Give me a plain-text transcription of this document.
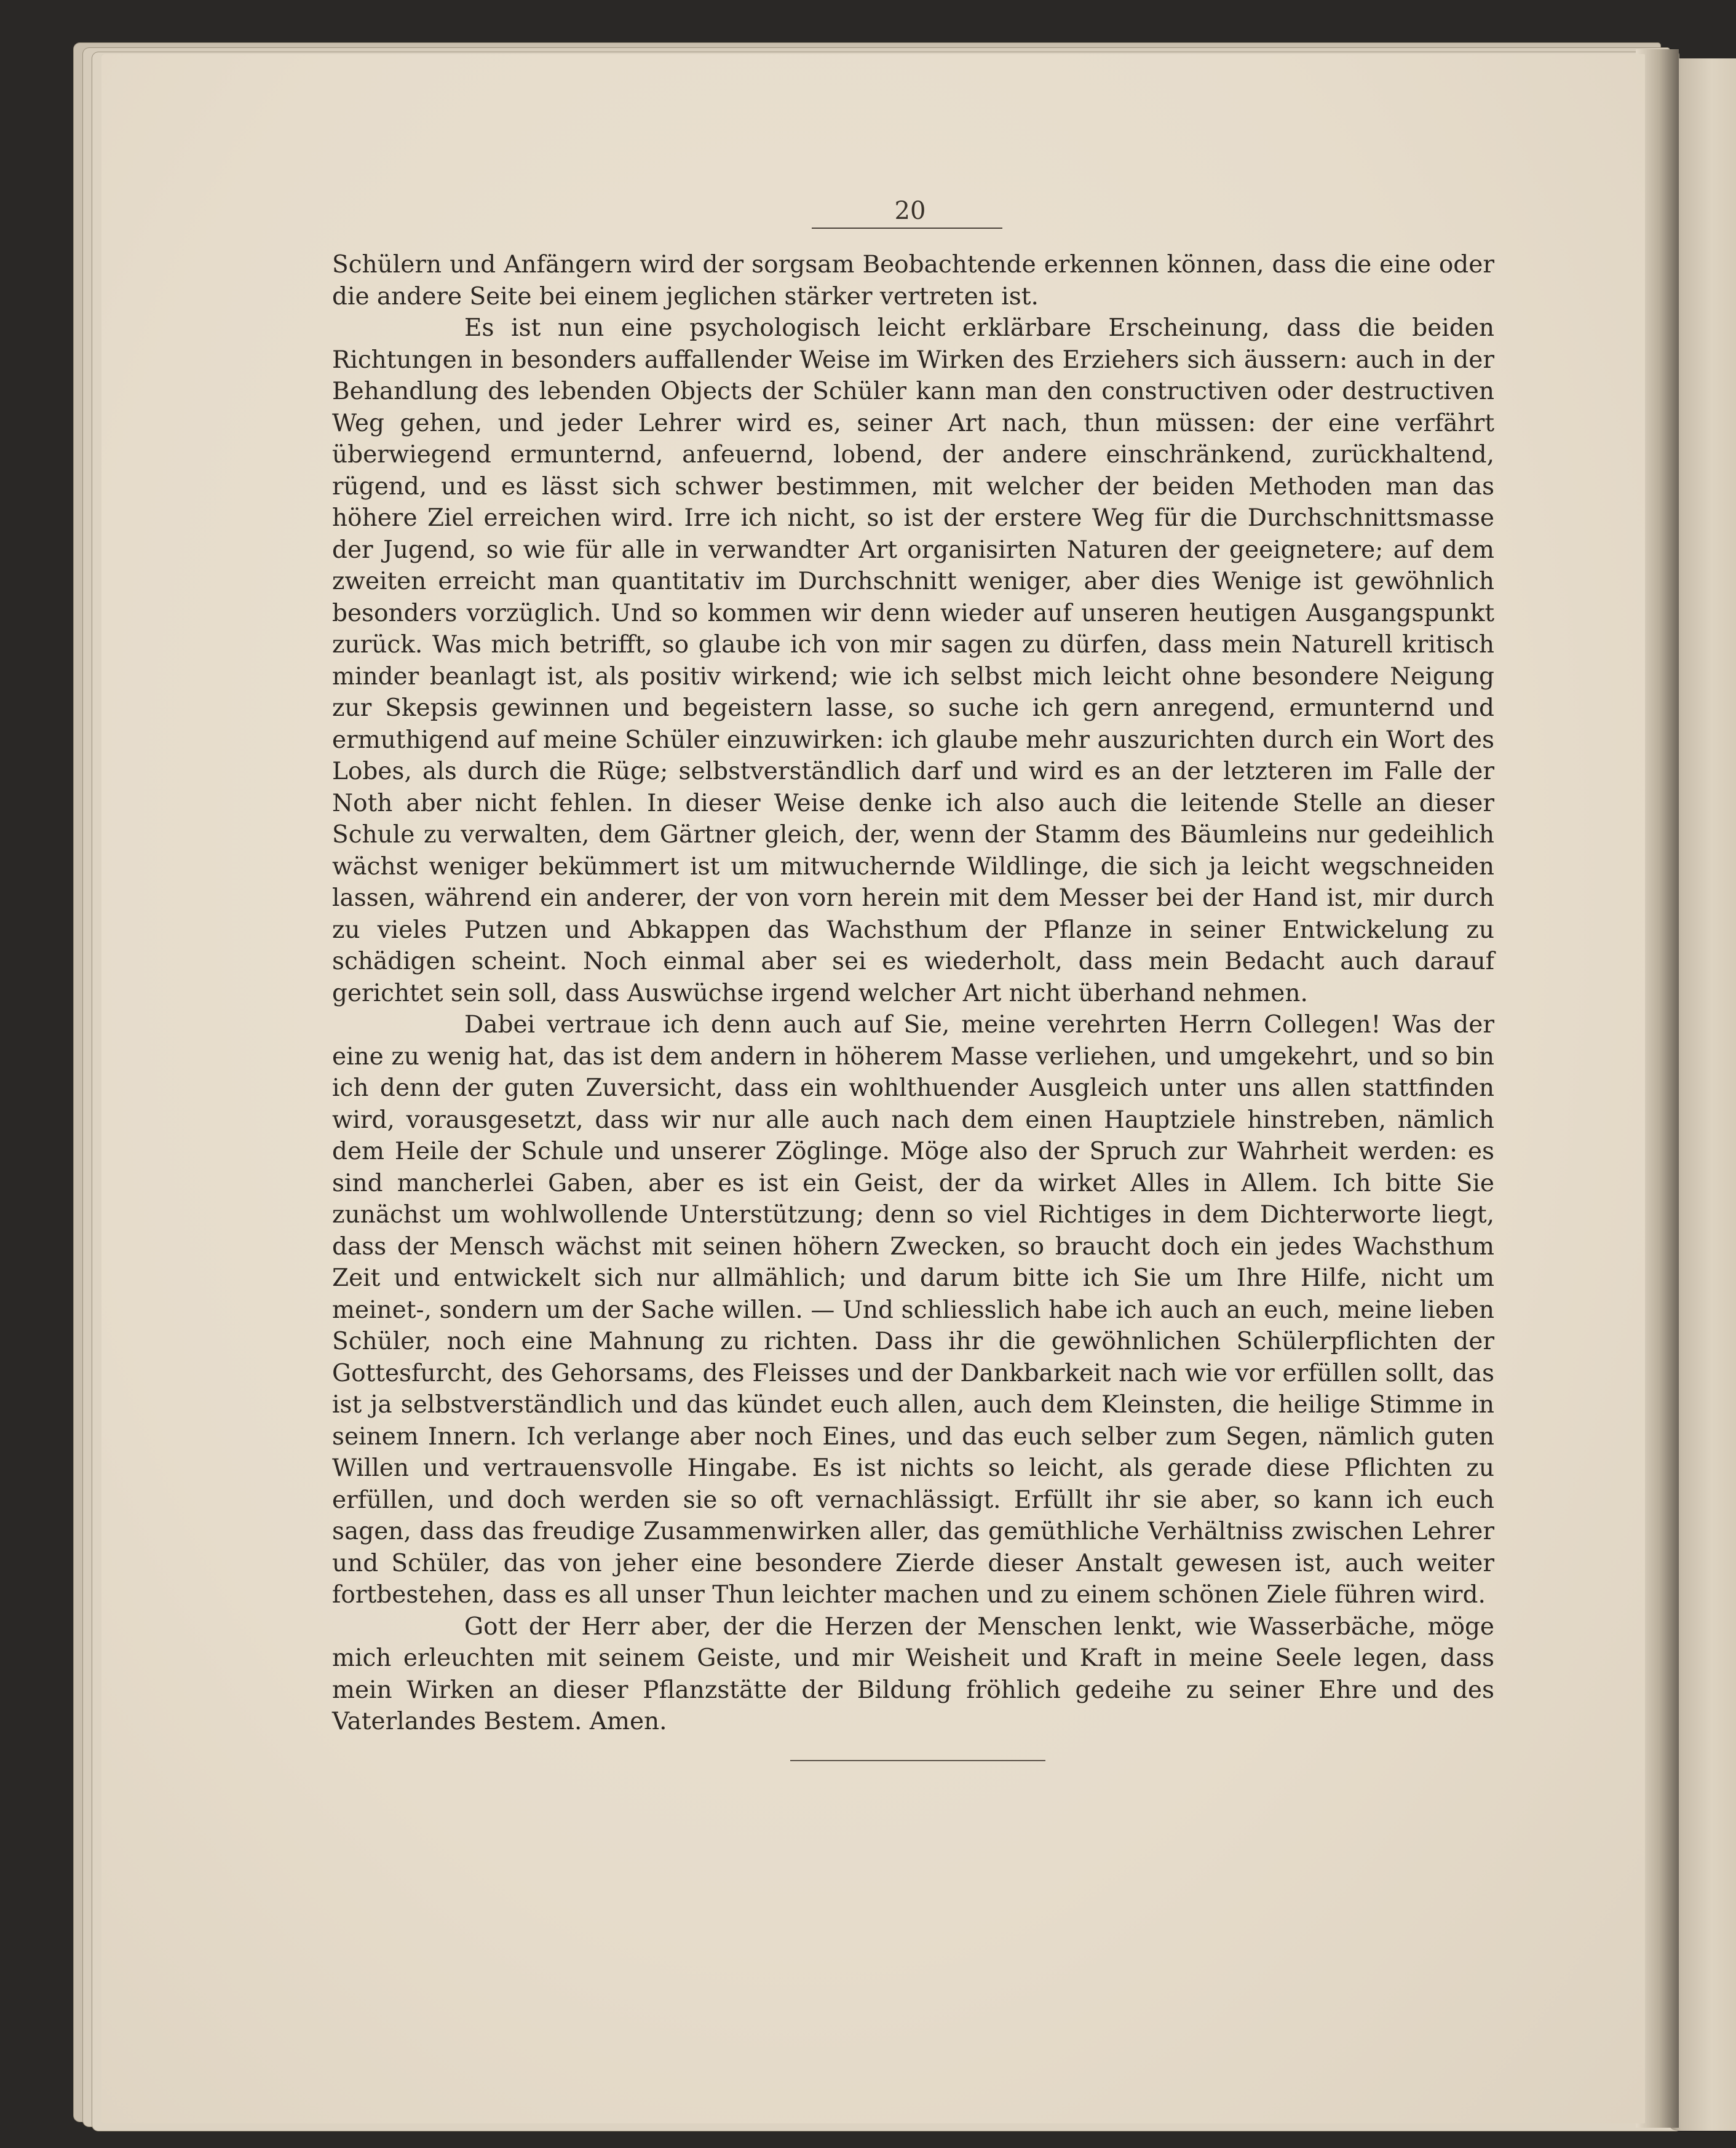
20

Schülern und Anfängern wird der sorgsam Beobachtende erkennen können, dass die eine oder die andere Seite bei einem jeglichen stärker vertreten ist.

Es ist nun eine psychologisch leicht erklärbare Erscheinung, dass die beiden Richtungen in besonders auffallender Weise im Wirken des Erziehers sich äussern: auch in der Behandlung des lebenden Objects der Schüler kann man den constructiven oder destructiven Weg gehen, und jeder Lehrer wird es, seiner Art nach, thun müssen: der eine verfährt überwiegend ermunternd, anfeuernd, lobend, der andere einschränkend, zurückhaltend, rügend, und es lässt sich schwer bestimmen, mit welcher der beiden Methoden man das höhere Ziel erreichen wird. Irre ich nicht, so ist der erstere Weg für die Durchschnittsmasse der Jugend, so wie für alle in verwandter Art organisirten Naturen der geeignetere; auf dem zweiten erreicht man quantitativ im Durchschnitt weniger, aber dies Wenige ist gewöhnlich besonders vorzüglich. Und so kommen wir denn wieder auf unseren heutigen Ausgangspunkt zurück. Was mich betrifft, so glaube ich von mir sagen zu dürfen, dass mein Naturell kritisch minder beanlagt ist, als positiv wirkend; wie ich selbst mich leicht ohne besondere Neigung zur Skepsis gewinnen und begeistern lasse, so suche ich gern anregend, ermunternd und ermuthigend auf meine Schüler einzuwirken: ich glaube mehr auszurichten durch ein Wort des Lobes, als durch die Rüge; selbstverständlich darf und wird es an der letzteren im Falle der Noth aber nicht fehlen. In dieser Weise denke ich also auch die leitende Stelle an dieser Schule zu verwalten, dem Gärtner gleich, der, wenn der Stamm des Bäumleins nur gedeihlich wächst weniger bekümmert ist um mitwuchernde Wildlinge, die sich ja leicht wegschneiden lassen, während ein anderer, der von vorn herein mit dem Messer bei der Hand ist, mir durch zu vieles Putzen und Abkappen das Wachsthum der Pflanze in seiner Entwickelung zu schädigen scheint. Noch einmal aber sei es wiederholt, dass mein Bedacht auch darauf gerichtet sein soll, dass Auswüchse irgend welcher Art nicht überhand nehmen.

Dabei vertraue ich denn auch auf Sie, meine verehrten Herrn Collegen! Was der eine zu wenig hat, das ist dem andern in höherem Masse verliehen, und umgekehrt, und so bin ich denn der guten Zuversicht, dass ein wohlthuender Ausgleich unter uns allen stattfinden wird, vorausgesetzt, dass wir nur alle auch nach dem einen Hauptziele hinstreben, nämlich dem Heile der Schule und unserer Zöglinge. Möge also der Spruch zur Wahrheit werden: es sind mancherlei Gaben, aber es ist ein Geist, der da wirket Alles in Allem. Ich bitte Sie zunächst um wohlwollende Unterstützung; denn so viel Richtiges in dem Dichterworte liegt, dass der Mensch wächst mit seinen höhern Zwecken, so braucht doch ein jedes Wachsthum Zeit und entwickelt sich nur allmählich; und darum bitte ich Sie um Ihre Hilfe, nicht um meinet-, sondern um der Sache willen. — Und schliesslich habe ich auch an euch, meine lieben Schüler, noch eine Mahnung zu richten. Dass ihr die gewöhnlichen Schülerpflichten der Gottesfurcht, des Gehorsams, des Fleisses und der Dankbarkeit nach wie vor erfüllen sollt, das ist ja selbstverständlich und das kündet euch allen, auch dem Kleinsten, die heilige Stimme in seinem Innern. Ich verlange aber noch Eines, und das euch selber zum Segen, nämlich guten Willen und vertrauensvolle Hingabe. Es ist nichts so leicht, als gerade diese Pflichten zu erfüllen, und doch werden sie so oft vernachlässigt. Erfüllt ihr sie aber, so kann ich euch sagen, dass das freudige Zusammenwirken aller, das gemüthliche Verhältniss zwischen Lehrer und Schüler, das von jeher eine besondere Zierde dieser Anstalt gewesen ist, auch weiter fortbestehen, dass es all unser Thun leichter machen und zu einem schönen Ziele führen wird.

Gott der Herr aber, der die Herzen der Menschen lenkt, wie Wasserbäche, möge mich erleuchten mit seinem Geiste, und mir Weisheit und Kraft in meine Seele legen, dass mein Wirken an dieser Pflanzstätte der Bildung fröhlich gedeihe zu seiner Ehre und des Vaterlandes Bestem. Amen.
